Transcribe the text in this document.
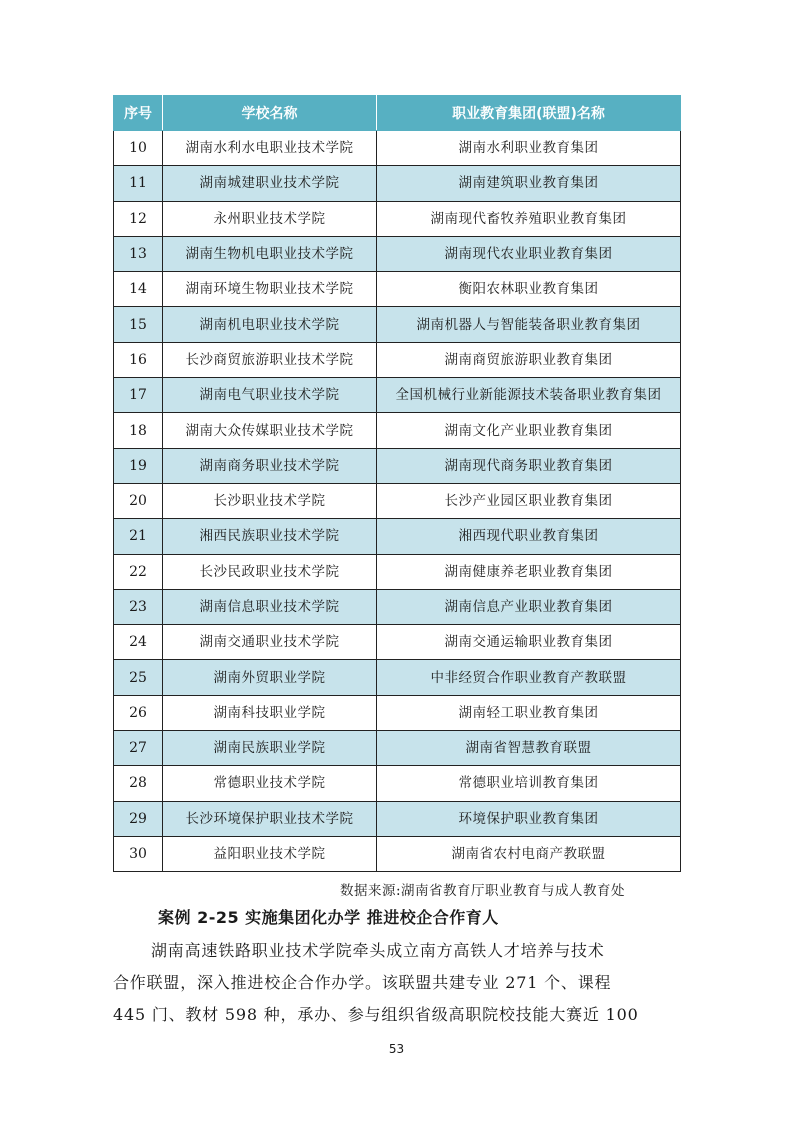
序号	学校名称	职业教育集团(联盟)名称
10	湖南水利水电职业技术学院	湖南水利职业教育集团
11	湖南城建职业技术学院	湖南建筑职业教育集团
12	永州职业技术学院	湖南现代畜牧养殖职业教育集团
13	湖南生物机电职业技术学院	湖南现代农业职业教育集团
14	湖南环境生物职业技术学院	衡阳农林职业教育集团
15	湖南机电职业技术学院	湖南机器人与智能装备职业教育集团
16	长沙商贸旅游职业技术学院	湖南商贸旅游职业教育集团
17	湖南电气职业技术学院	全国机械行业新能源技术装备职业教育集团
18	湖南大众传媒职业技术学院	湖南文化产业职业教育集团
19	湖南商务职业技术学院	湖南现代商务职业教育集团
20	长沙职业技术学院	长沙产业园区职业教育集团
21	湘西民族职业技术学院	湘西现代职业教育集团
22	长沙民政职业技术学院	湖南健康养老职业教育集团
23	湖南信息职业技术学院	湖南信息产业职业教育集团
24	湖南交通职业技术学院	湖南交通运输职业教育集团
25	湖南外贸职业学院	中非经贸合作职业教育产教联盟
26	湖南科技职业学院	湖南轻工职业教育集团
27	湖南民族职业学院	湖南省智慧教育联盟
28	常德职业技术学院	常德职业培训教育集团
29	长沙环境保护职业技术学院	环境保护职业教育集团
30	益阳职业技术学院	湖南省农村电商产教联盟
数据来源:湖南省教育厅职业教育与成人教育处
案例 2-25 实施集团化办学 推进校企合作育人
湖南高速铁路职业技术学院牵头成立南方高铁人才培养与技术
合作联盟，深入推进校企合作办学。该联盟共建专业 271 个、课程
445 门、教材 598 种，承办、参与组织省级高职院校技能大赛近 100
53
